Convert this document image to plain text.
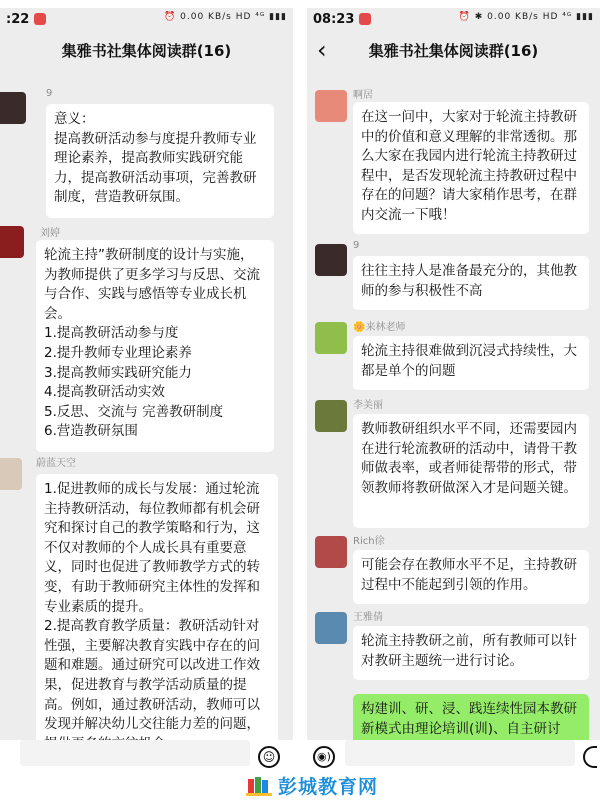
:22	⏰ 0.00 KB/s HD ⁴ᴳ ▮▮▮
集雅书社集体阅读群(16)
9
意义：
提高教研活动参与度提升教师专业理论素养，提高教师实践研究能力，提高教研活动事项，完善教研制度，营造教研氛围。
刘婷
轮流主持”教研制度的设计与实施，为教师提供了更多学习与反思、交流与合作、实践与感悟等专业成长机会。
1.提高教研活动参与度
2.提升教师专业理论素养
3.提高教师实践研究能力
4.提高教研活动实效
5.反思、交流与 完善教研制度
6.营造教研氛围
蔚蓝天空
1.促进教师的成长与发展：通过轮流主持教研活动，每位教师都有机会研究和探讨自己的教学策略和行为，这不仅对教师的个人成长具有重要意义，同时也促进了教师教学方式的转变，有助于教师研究主体性的发挥和专业素质的提升。
2.提高教育教学质量：教研活动针对性强，主要解决教育实践中存在的问题和难题。通过研究可以改进工作效果，促进教育与教学活动质量的提高。例如，通过教研活动，教师可以发现并解决幼儿交往能力差的问题，
08:23	⏰ ✱ 0.00 KB/s HD ⁴ᴳ ▮▮▮
‹	集雅书社集体阅读群(16)
啊居
在这一问中，大家对于轮流主持教研中的价值和意义理解的非常透彻。那么大家在我园内进行轮流主持教研过程中，是否发现轮流主持教研过程中存在的问题？请大家稍作思考，在群内交流一下哦！
9
往往主持人是准备最充分的，其他教师的参与积极性不高
🌼来林老师
轮流主持很难做到沉浸式持续性，大都是单个的问题
李美丽
教师教研组织水平不同，还需要园内在进行轮流教研的活动中，请骨干教师做表率，或者师徒帮带的形式，带领教师将教研做深入才是问题关键。
Rich徐
可能会存在教师水平不足，主持教研过程中不能起到引领的作用。
王雅倩
轮流主持教研之前，所有教师可以针对教研主题统一进行讨论。
构建训、研、浸、践连续性园本教研新模式由理论培训(训)、自主研讨
☺	◉)
彭城教育网
